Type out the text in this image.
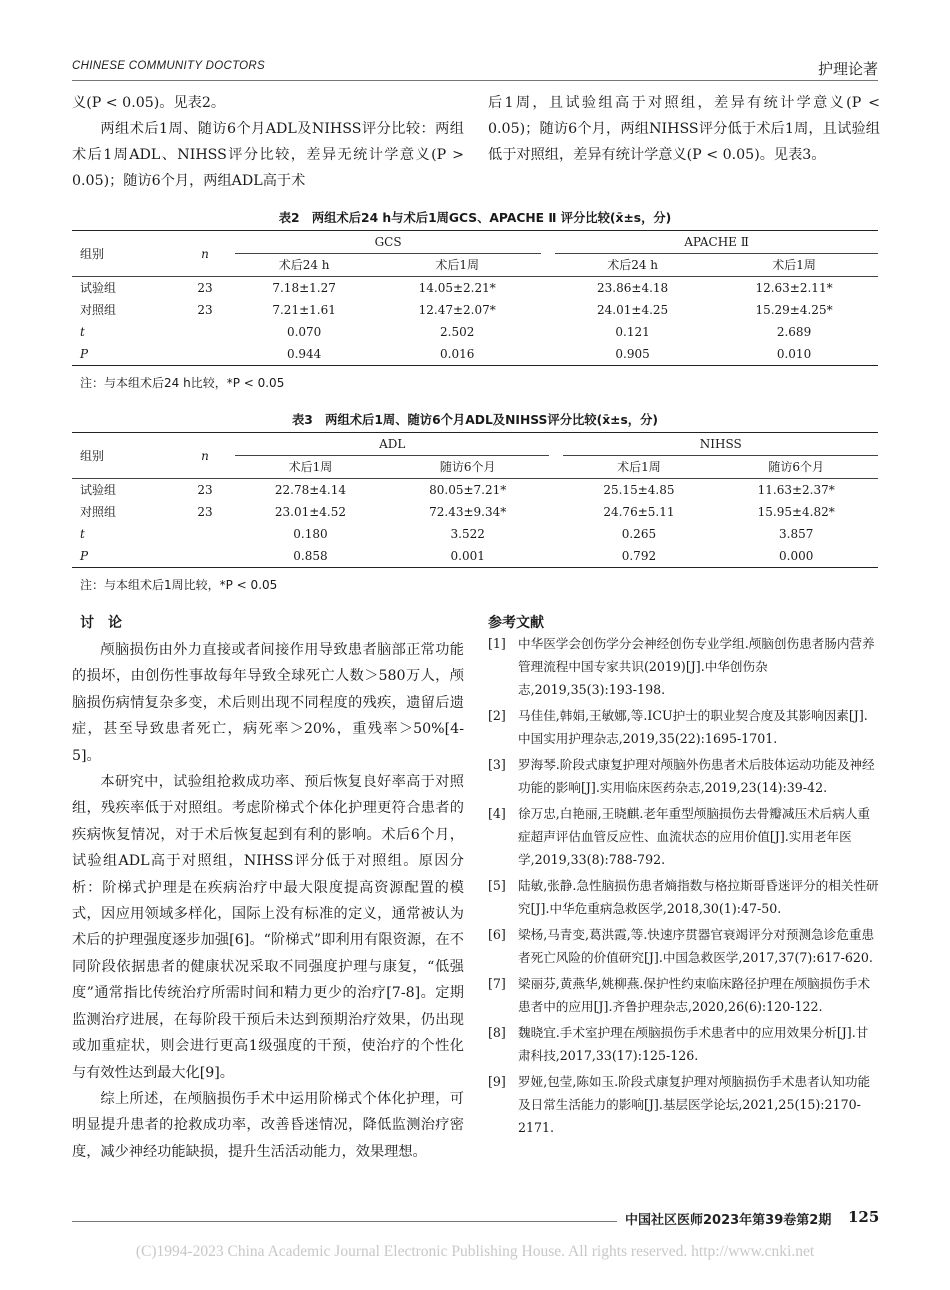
CHINESE COMMUNITY DOCTORS	护理论著

义(P < 0.05)。见表2。

两组术后1周、随访6个月ADL及NIHSS评分比较：两组术后1周ADL、NIHSS评分比较，差异无统计学意义(P > 0.05)；随访6个月，两组ADL高于术

后1周，且试验组高于对照组，差异有统计学意义(P < 0.05)；随访6个月，两组NIHSS评分低于术后1周，且试验组低于对照组，差异有统计学意义(P < 0.05)。见表3。

表2　两组术后24 h与术后1周GCS、APACHE Ⅱ 评分比较(x̄±s，分)
组别	n	GCS			APACHE Ⅱ	
		术后24 h	术后1周		术后24 h	术后1周
试验组	23	7.18±1.27	14.05±2.21*		23.86±4.18	12.63±2.11*
对照组	23	7.21±1.61	12.47±2.07*		24.01±4.25	15.29±4.25*
t		0.070	2.502		0.121	2.689
P		0.944	0.016		0.905	0.010
注：与本组术后24 h比较，*P < 0.05
表3　两组术后1周、随访6个月ADL及NIHSS评分比较(x̄±s，分)
组别	n	ADL			NIHSS	
		术后1周	随访6个月		术后1周	随访6个月
试验组	23	22.78±4.14	80.05±7.21*		25.15±4.85	11.63±2.37*
对照组	23	23.01±4.52	72.43±9.34*		24.76±5.11	15.95±4.82*
t		0.180	3.522		0.265	3.857
P		0.858	0.001		0.792	0.000
注：与本组术后1周比较，*P < 0.05
讨　论

颅脑损伤由外力直接或者间接作用导致患者脑部正常功能的损坏，由创伤性事故每年导致全球死亡人数＞580万人，颅脑损伤病情复杂多变，术后则出现不同程度的残疾，遗留后遗症，甚至导致患者死亡，病死率＞20%，重残率＞50%[4-5]。

本研究中，试验组抢救成功率、预后恢复良好率高于对照组，残疾率低于对照组。考虑阶梯式个体化护理更符合患者的疾病恢复情况，对于术后恢复起到有利的影响。术后6个月，试验组ADL高于对照组，NIHSS评分低于对照组。原因分析：阶梯式护理是在疾病治疗中最大限度提高资源配置的模式，因应用领域多样化，国际上没有标准的定义，通常被认为术后的护理强度逐步加强[6]。“阶梯式”即利用有限资源，在不同阶段依据患者的健康状况采取不同强度护理与康复，“低强度”通常指比传统治疗所需时间和精力更少的治疗[7-8]。定期监测治疗进展，在每阶段干预后未达到预期治疗效果，仍出现或加重症状，则会进行更高1级强度的干预，使治疗的个性化与有效性达到最大化[9]。

综上所述，在颅脑损伤手术中运用阶梯式个体化护理，可明显提升患者的抢救成功率，改善昏迷情况，降低监测治疗密度，减少神经功能缺损，提升生活活动能力，效果理想。

参考文献
[1] 中华医学会创伤学分会神经创伤专业学组.颅脑创伤患者肠内营养管理流程中国专家共识(2019)[J].中华创伤杂志,2019,35(3):193-198.
[2] 马佳佳,韩娟,王敏娜,等.ICU护士的职业契合度及其影响因素[J].中国实用护理杂志,2019,35(22):1695-1701.
[3] 罗海琴.阶段式康复护理对颅脑外伤患者术后肢体运动功能及神经功能的影响[J].实用临床医药杂志,2019,23(14):39-42.
[4] 徐万忠,白艳丽,王晓麒.老年重型颅脑损伤去骨瓣减压术后病人重症超声评估血管反应性、血流状态的应用价值[J].实用老年医学,2019,33(8):788-792.
[5] 陆敏,张静.急性脑损伤患者熵指数与格拉斯哥昏迷评分的相关性研究[J].中华危重病急救医学,2018,30(1):47-50.
[6] 梁杨,马青变,葛洪霞,等.快速序贯器官衰竭评分对预测急诊危重患者死亡风险的价值研究[J].中国急救医学,2017,37(7):617-620.
[7] 梁丽芬,黄燕华,姚柳燕.保护性约束临床路径护理在颅脑损伤手术患者中的应用[J].齐鲁护理杂志,2020,26(6):120-122.
[8] 魏晓宜.手术室护理在颅脑损伤手术患者中的应用效果分析[J].甘肃科技,2017,33(17):125-126.
[9] 罗娅,包莹,陈如玉.阶段式康复护理对颅脑损伤手术患者认知功能及日常生活能力的影响[J].基层医学论坛,2021,25(15):2170-2171.
中国社区医师2023年第39卷第2期 125
(C)1994-2023 China Academic Journal Electronic Publishing House. All rights reserved. http://www.cnki.net
